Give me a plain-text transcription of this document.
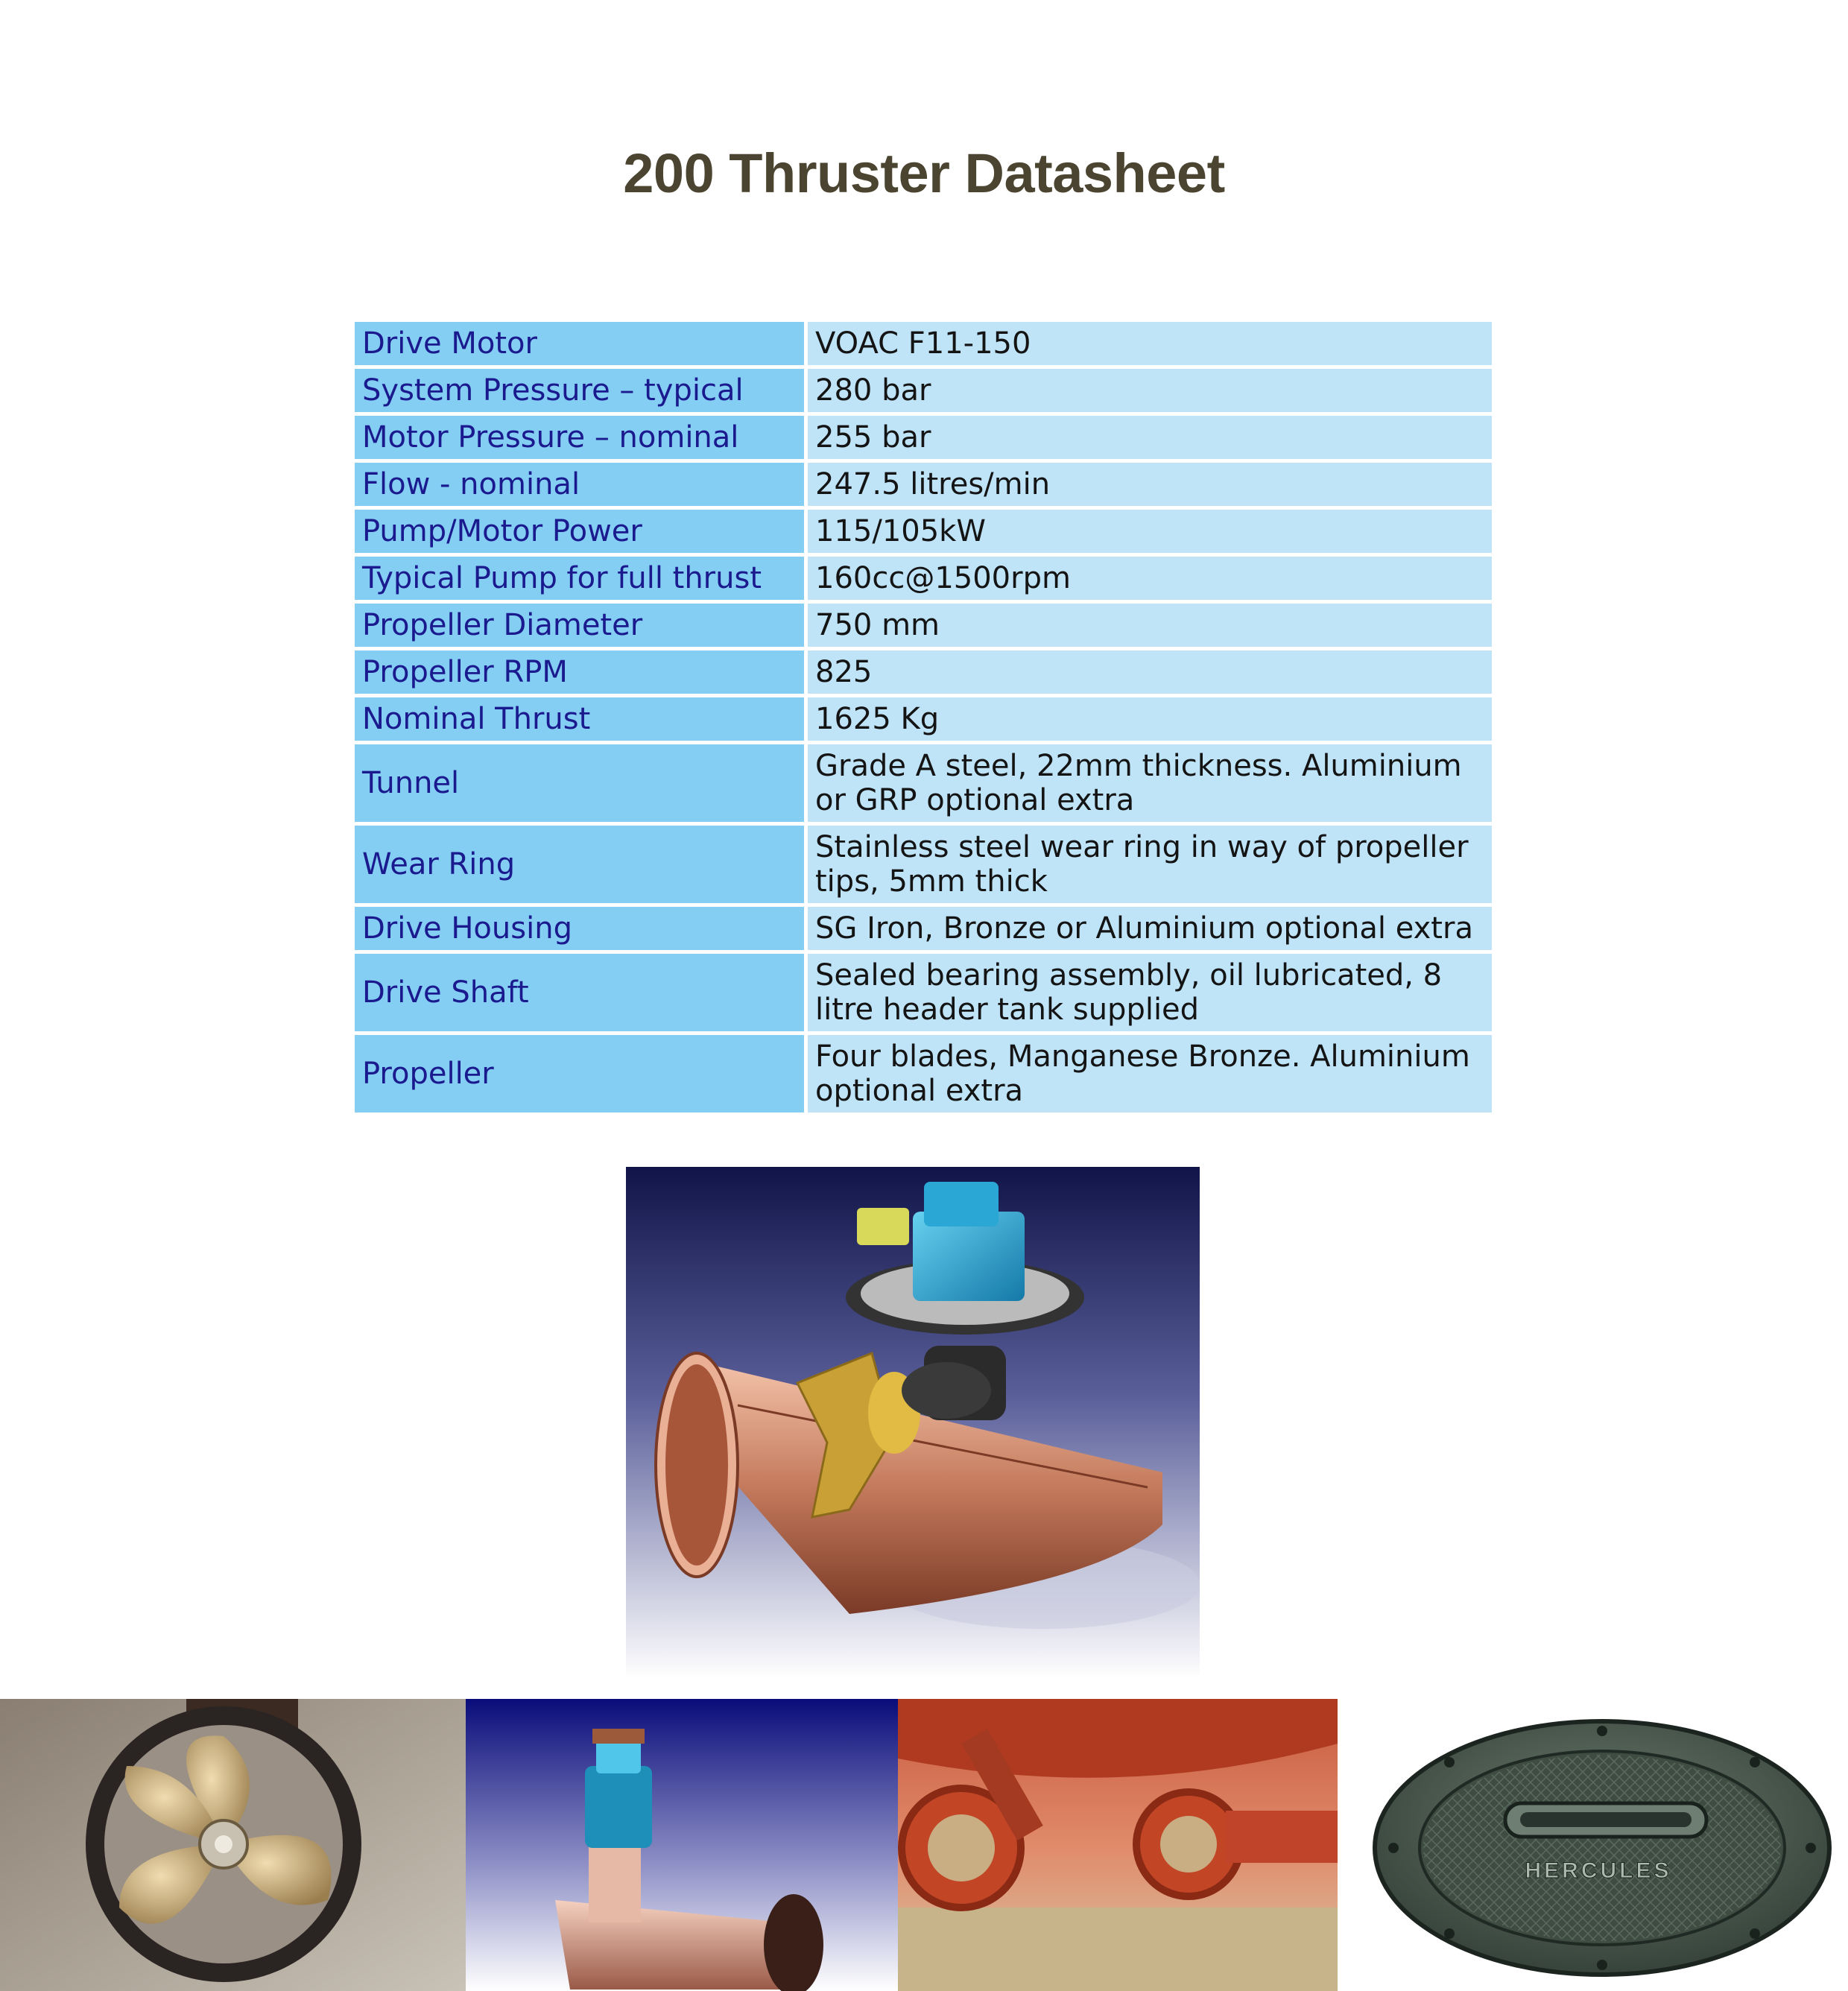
200 Thruster Datasheet
Drive Motor	VOAC F11-150
System Pressure – typical	280 bar
Motor Pressure – nominal	255 bar
Flow - nominal	247.5 litres/min
Pump/Motor Power	115/105kW
Typical Pump for full thrust	160cc@1500rpm
Propeller Diameter	750 mm
Propeller RPM	825
Nominal Thrust	1625 Kg
Tunnel	Grade A steel, 22mm thickness. Aluminium or GRP optional extra
Wear Ring	Stainless steel wear ring in way of propeller tips, 5mm thick
Drive Housing	SG Iron, Bronze or Aluminium optional extra
Drive Shaft	Sealed bearing assembly, oil lubricated, 8 litre header tank supplied
Propeller	Four blades, Manganese Bronze. Aluminium optional extra
HERCULES
